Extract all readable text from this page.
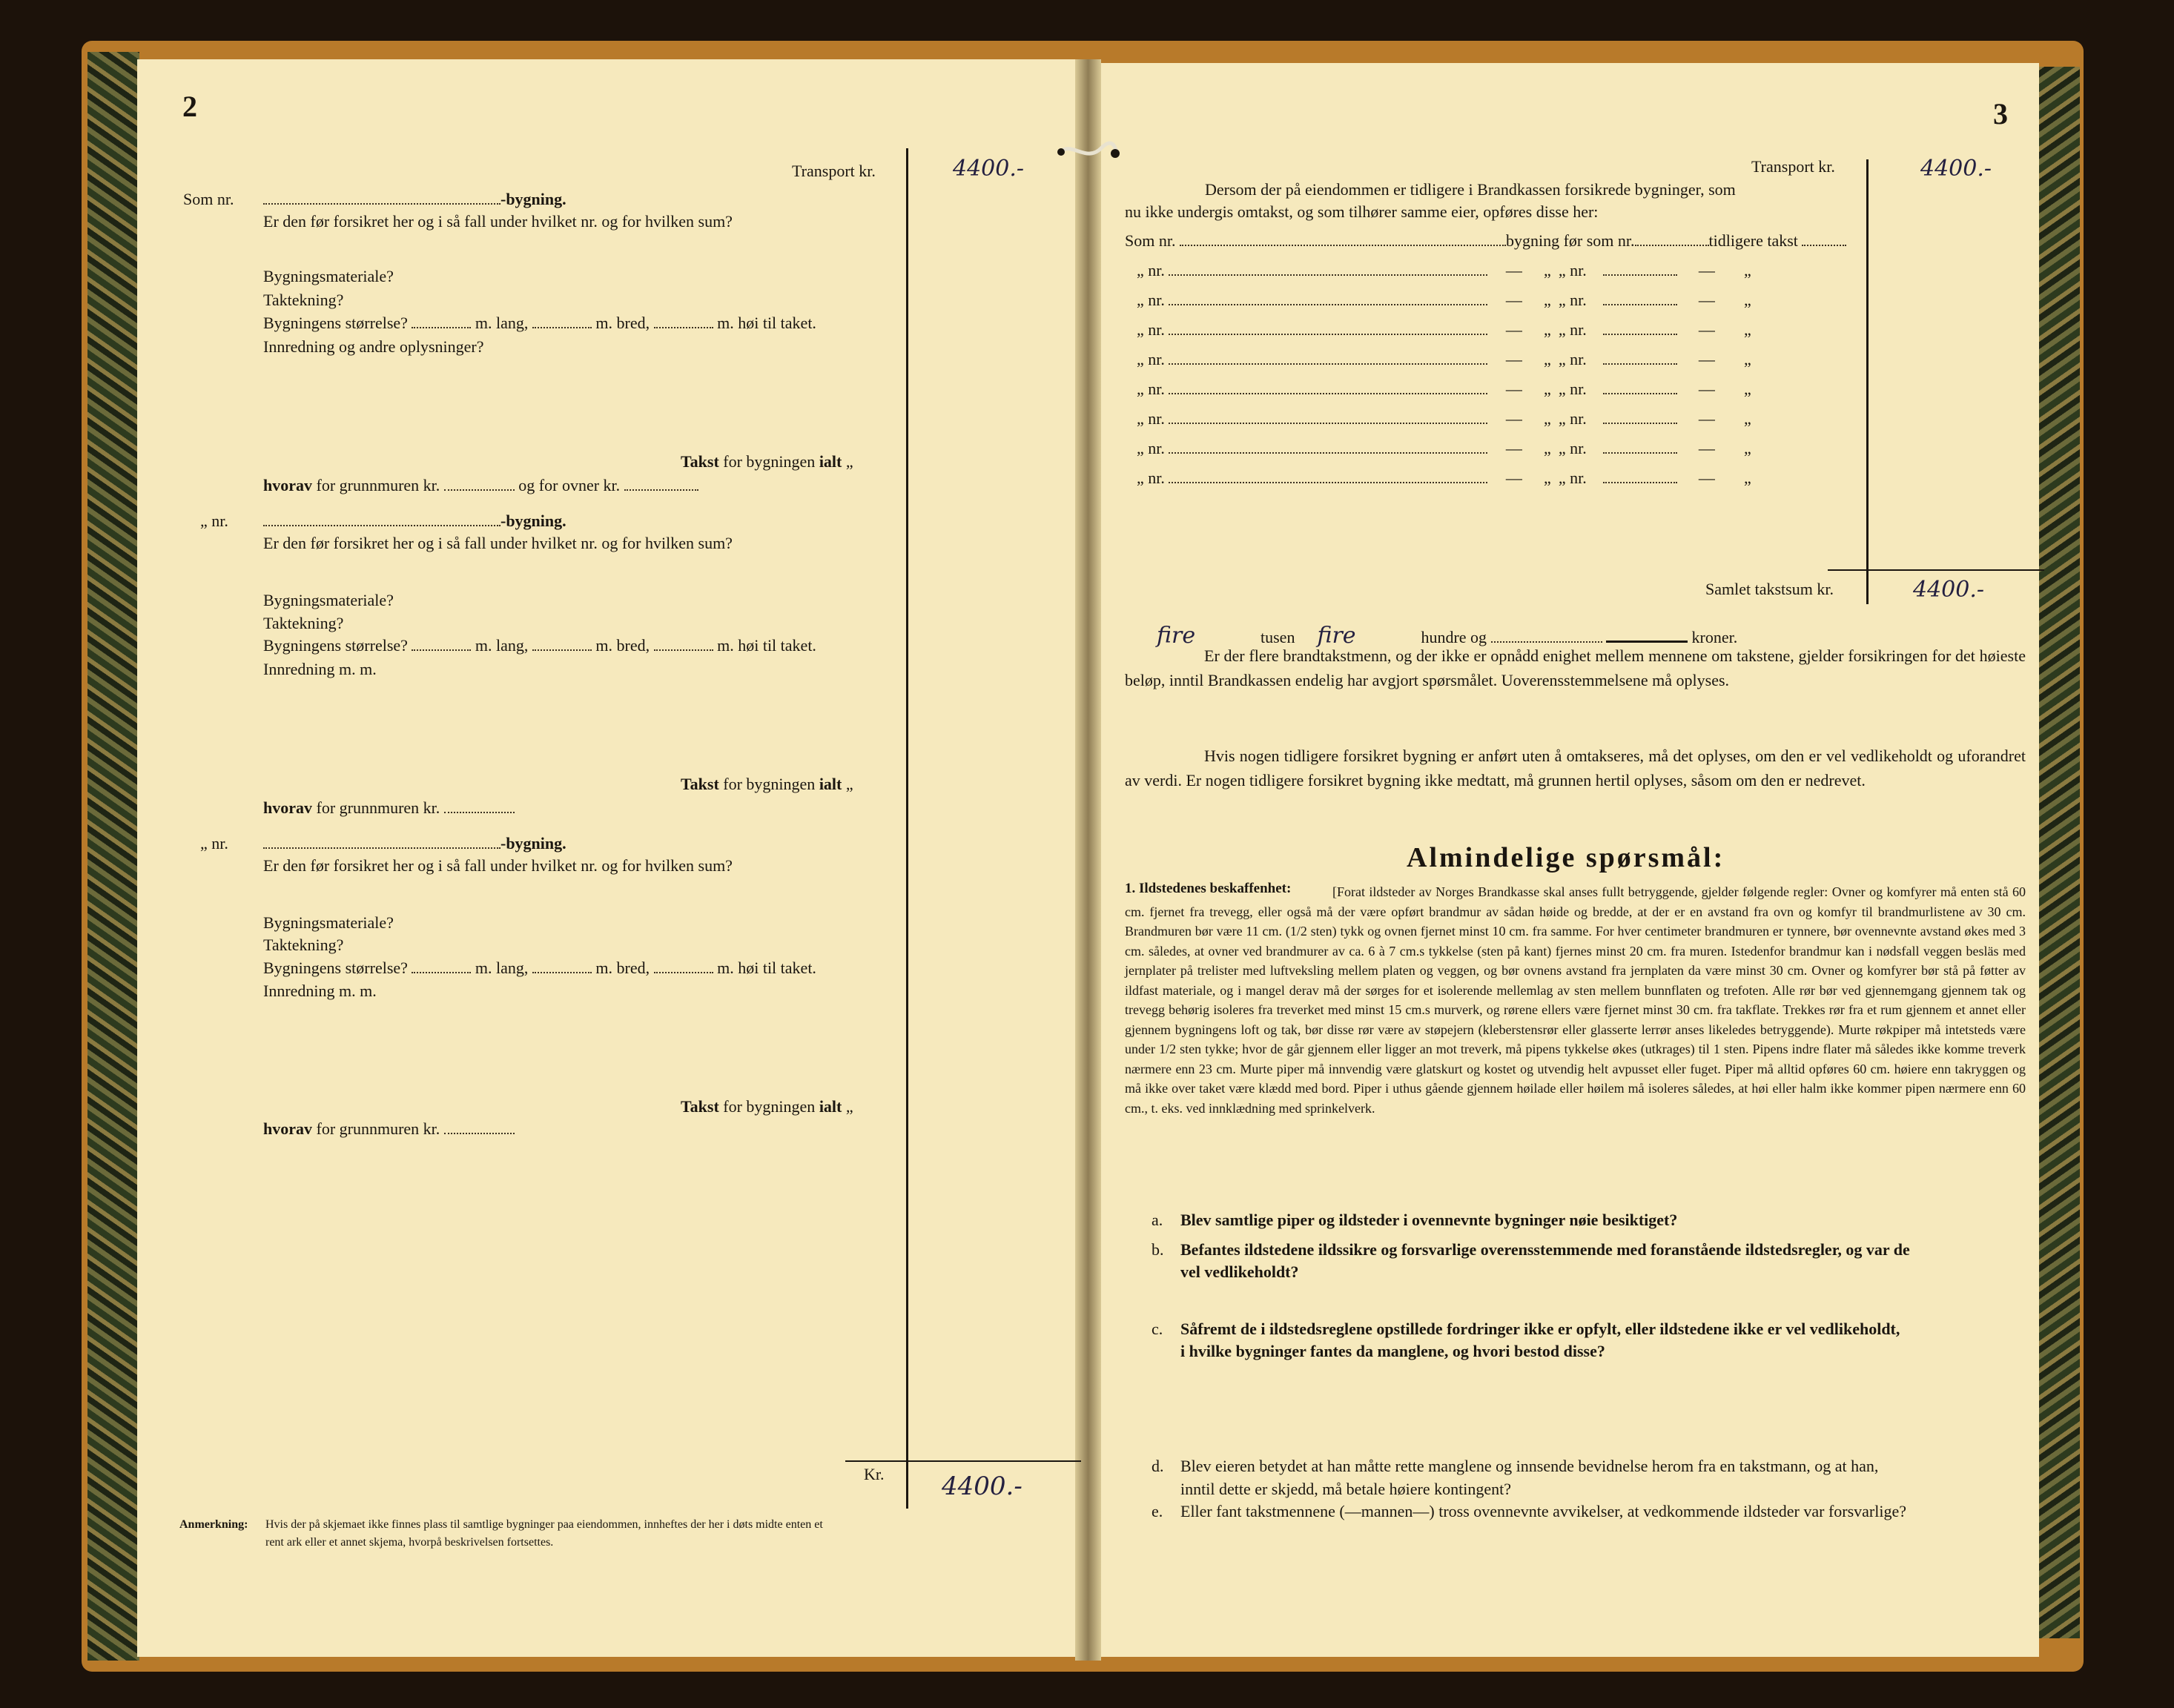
2
Transport kr.	4400.-
Som nr.	-bygning.
Er den før forsikret her og i så fall under hvilket nr. og for hvilken sum?
Bygningsmateriale?
Taktekning?
Bygningens størrelse?	m. lang,	m. bred,	m. høi til taket.
Innredning og andre oplysninger?
Takst for bygningen ialt „
hvorav for grunnmuren kr.	og for ovner kr.
„ nr.	-bygning.
Er den før forsikret her og i så fall under hvilket nr. og for hvilken sum?
Bygningsmateriale?
Taktekning?
Bygningens størrelse?	m. lang,	m. bred,	m. høi til taket.
Innredning m. m.
Takst for bygningen ialt „
hvorav for grunnmuren kr.
„ nr.	-bygning.
Er den før forsikret her og i så fall under hvilket nr. og for hvilken sum?
Bygningsmateriale?
Taktekning?
Bygningens størrelse?	m. lang,	m. bred,	m. høi til taket.
Innredning m. m.
Takst for bygningen ialt „
hvorav for grunnmuren kr.
Kr. 4400.-
Anmerkning: Hvis der på skjemaet ikke finnes plass til samtlige bygninger paa eiendommen, innheftes der her i døts midte enten et
rent ark eller et annet skjema, hvorpå beskrivelsen fortsettes.
3
Transport kr.	4400.-
Dersom der på eiendommen er tidligere i Brandkassen forsikrede bygninger, som
nu ikke undergis omtakst, og som tilhører samme eier, opføres disse her:
Som nr.	bygning før som nr.	tidligere takst
„ nr.	— „ „ nr.	— „
„ nr.	— „ „ nr.	— „
„ nr.	— „ „ nr.	— „
„ nr.	— „ „ nr.	— „
„ nr.	— „ „ nr.	— „
„ nr.	— „ „ nr.	— „
„ nr.	— „ „ nr.	— „
„ nr.	— „ „ nr.	— „
Samlet takstsum kr.	4400.-
fire	tusen fire	hundre og	kroner.
Er der flere brandtakstmenn, og der ikke er opnådd enighet mellem mennene om takstene, gjelder forsikringen for det høieste beløp, inntil Brandkassen endelig har avgjort spørsmålet. Uoverensstemmelsene må oplyses.
Hvis nogen tidligere forsikret bygning er anført uten å omtakseres, må det oplyses, om den er vel vedlikeholdt og uforandret av verdi. Er nogen tidligere forsikret bygning ikke medtatt, må grunnen hertil oplyses, såsom om den er nedrevet.
Almindelige spørsmål:
1. Ildstedenes beskaffenhet:	[Forat ildsteder av Norges Brandkasse skal anses fullt betryggende, gjelder følgende regler: Ovner og komfyrer må enten stå 60 cm. fjernet fra trevegg, eller også må der være opført brandmur av sådan høide og bredde, at der er en avstand fra ovn og komfyr til brandmurlistene av 30 cm. Brandmuren bør være 11 cm. (1/2 sten) tykk og ovnen fjernet minst 10 cm. fra samme. For hver centimeter brandmuren er tynnere, bør ovennevnte avstand økes med 3 cm. således, at ovner ved brandmurer av ca. 6 à 7 cm.s tykkelse (sten på kant) fjernes minst 20 cm. fra muren. Istedenfor brandmur kan i nødsfall veggen besläs med jernplater på trelister med luftveksling mellem platen og veggen, og bør ovnens avstand fra jernplaten da være minst 30 cm. Ovner og komfyrer bør stå på føtter av ildfast materiale, og i mangel derav må der sørges for et isolerende mellemlag av sten mellem bunnflaten og trefoten. Alle rør bør ved gjennemgang gjennem tak og trevegg behørig isoleres fra treverket med minst 15 cm.s murverk, og rørene ellers være fjernet minst 30 cm. fra takflate. Trekkes rør fra et rum gjennem et annet eller gjennem bygningens loft og tak, bør disse rør være av støpejern (kleberstensrør eller glasserte lerrør anses likeledes betryggende). Murte røkpiper må intetsteds være under 1/2 sten tykke; hvor de går gjennem eller ligger an mot treverk, må pipens tykkelse økes (utkrages) til 1 sten. Pipens indre flater må således ikke komme treverk nærmere enn 23 cm. Murte piper må innvendig være glatskurt og kostet og utvendig helt avpusset eller fuget. Piper må alltid opføres 60 cm. høiere enn takryggen og må ikke over taket være klædd med bord. Piper i uthus gående gjennem høilade eller høilem må isoleres således, at høi eller halm ikke kommer pipen nærmere enn 60 cm., t. eks. ved innklædning med sprinkelverk.
a. Blev samtlige piper og ildsteder i ovennevnte bygninger nøie besiktiget?
b. Befantes ildstedene ildssikre og forsvarlige overensstemmende med foranstående ildstedsregler, og var de
vel vedlikeholdt?
c. Såfremt de i ildstedsreglene opstillede fordringer ikke er opfylt, eller ildstedene ikke er vel vedlikeholdt,
i hvilke bygninger fantes da manglene, og hvori bestod disse?
d. Blev eieren betydet at han måtte rette manglene og innsende bevidnelse herom fra en takstmann, og at han,
inntil dette er skjedd, må betale høiere kontingent?
e. Eller fant takstmennene (—mannen—) tross ovennevnte avvikelser, at vedkommende ildsteder var forsvarlige?
